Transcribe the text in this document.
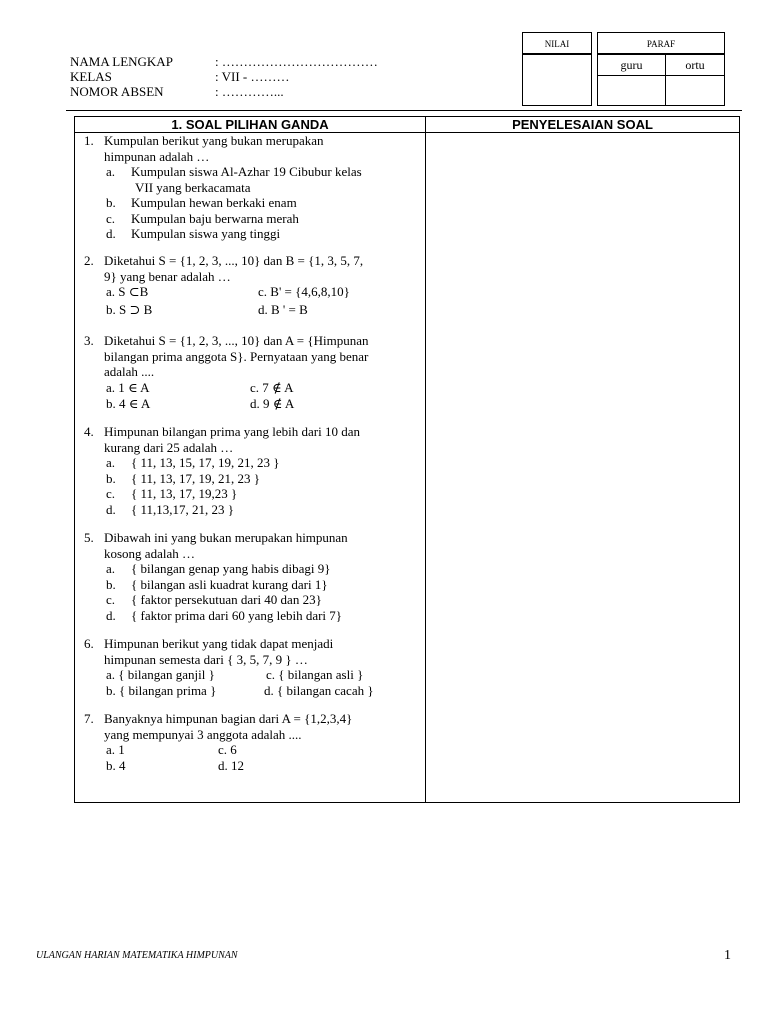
NILAI	PARAF
guru	ortu
NAMA LENGKAP	: ………………………………
KELAS	: VII - ………
NOMOR ABSEN	: …………...
1. SOAL PILIHAN GANDA	PENYELESAIAN SOAL
1. Kumpulan berikut yang bukan merupakan
himpunan adalah …
a. Kumpulan siswa Al-Azhar 19 Cibubur kelas
VII yang berkacamata
b. Kumpulan hewan berkaki enam
c. Kumpulan baju berwarna merah
d. Kumpulan siswa yang tinggi
2. Diketahui S = {1, 2, 3, ..., 10} dan B = {1, 3, 5, 7,
9} yang benar adalah …
a. S ⊂B	c. B' = {4,6,8,10}
b. S ⊃ B	d. B ' = B
3. Diketahui S = {1, 2, 3, ..., 10} dan A = {Himpunan
bilangan prima anggota S}. Pernyataan yang benar
adalah ....
a. 1 ∈ A	c. 7 ∉ A
b. 4 ∈ A	d. 9 ∉ A
4. Himpunan bilangan prima yang lebih dari 10 dan
kurang dari 25 adalah …
a. { 11, 13, 15, 17, 19, 21, 23 }
b. { 11, 13, 17, 19, 21, 23 }
c. { 11, 13, 17, 19,23 }
d. { 11,13,17, 21, 23 }
5. Dibawah ini yang bukan merupakan himpunan
kosong adalah …
a. { bilangan genap yang habis dibagi 9}
b. { bilangan asli kuadrat kurang dari 1}
c. { faktor persekutuan dari 40 dan 23}
d. { faktor prima dari 60 yang lebih dari 7}
6. Himpunan berikut yang tidak dapat menjadi
himpunan semesta dari { 3, 5, 7, 9 } …
a. { bilangan ganjil }	c. { bilangan asli }
b. { bilangan prima }	d. { bilangan cacah }
7. Banyaknya himpunan bagian dari A = {1,2,3,4}
yang mempunyai 3 anggota adalah ....
a. 1	c. 6
b. 4	d. 12
ULANGAN HARIAN MATEMATIKA HIMPUNAN	1
